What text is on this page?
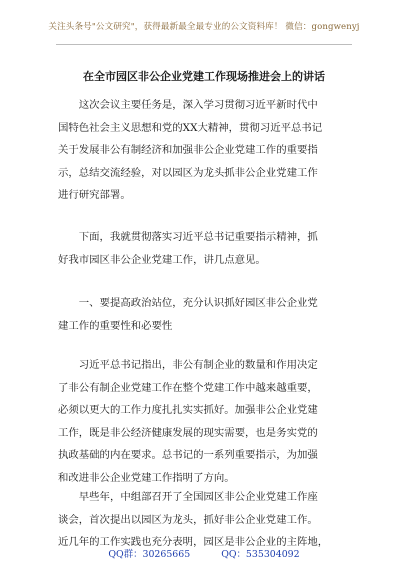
关注头条号"公文研究"，获得最新最全最专业的公文资料库！ 微信：gongwenyj
在全市园区非公企业党建工作现场推进会上的讲话
　　这次会议主要任务是，深入学习贯彻习近平新时代中
国特色社会主义思想和党的XX大精神，贯彻习近平总书记
关于发展非公有制经济和加强非公企业党建工作的重要指
示，总结交流经验，对以园区为龙头抓非公企业党建工作
进行研究部署。
　　下面，我就贯彻落实习近平总书记重要指示精神，抓
好我市园区非公企业党建工作，讲几点意见。
　　一、要提高政治站位，充分认识抓好园区非公企业党
建工作的重要性和必要性
　　习近平总书记指出，非公有制企业的数量和作用决定
了非公有制企业党建工作在整个党建工作中越来越重要，
必须以更大的工作力度扎扎实实抓好。加强非公企业党建
工作，既是非公经济健康发展的现实需要，也是务实党的
执政基础的内在要求。总书记的一系列重要指示，为加强
和改进非公企业党建工作指明了方向。
　　早些年，中组部召开了全国园区非公企业党建工作座
谈会，首次提出以园区为龙头，抓好非公企业党建工作。
近几年的工作实践也充分表明，园区是非公企业的主阵地，
QQ群：30265665	QQ：535304092
